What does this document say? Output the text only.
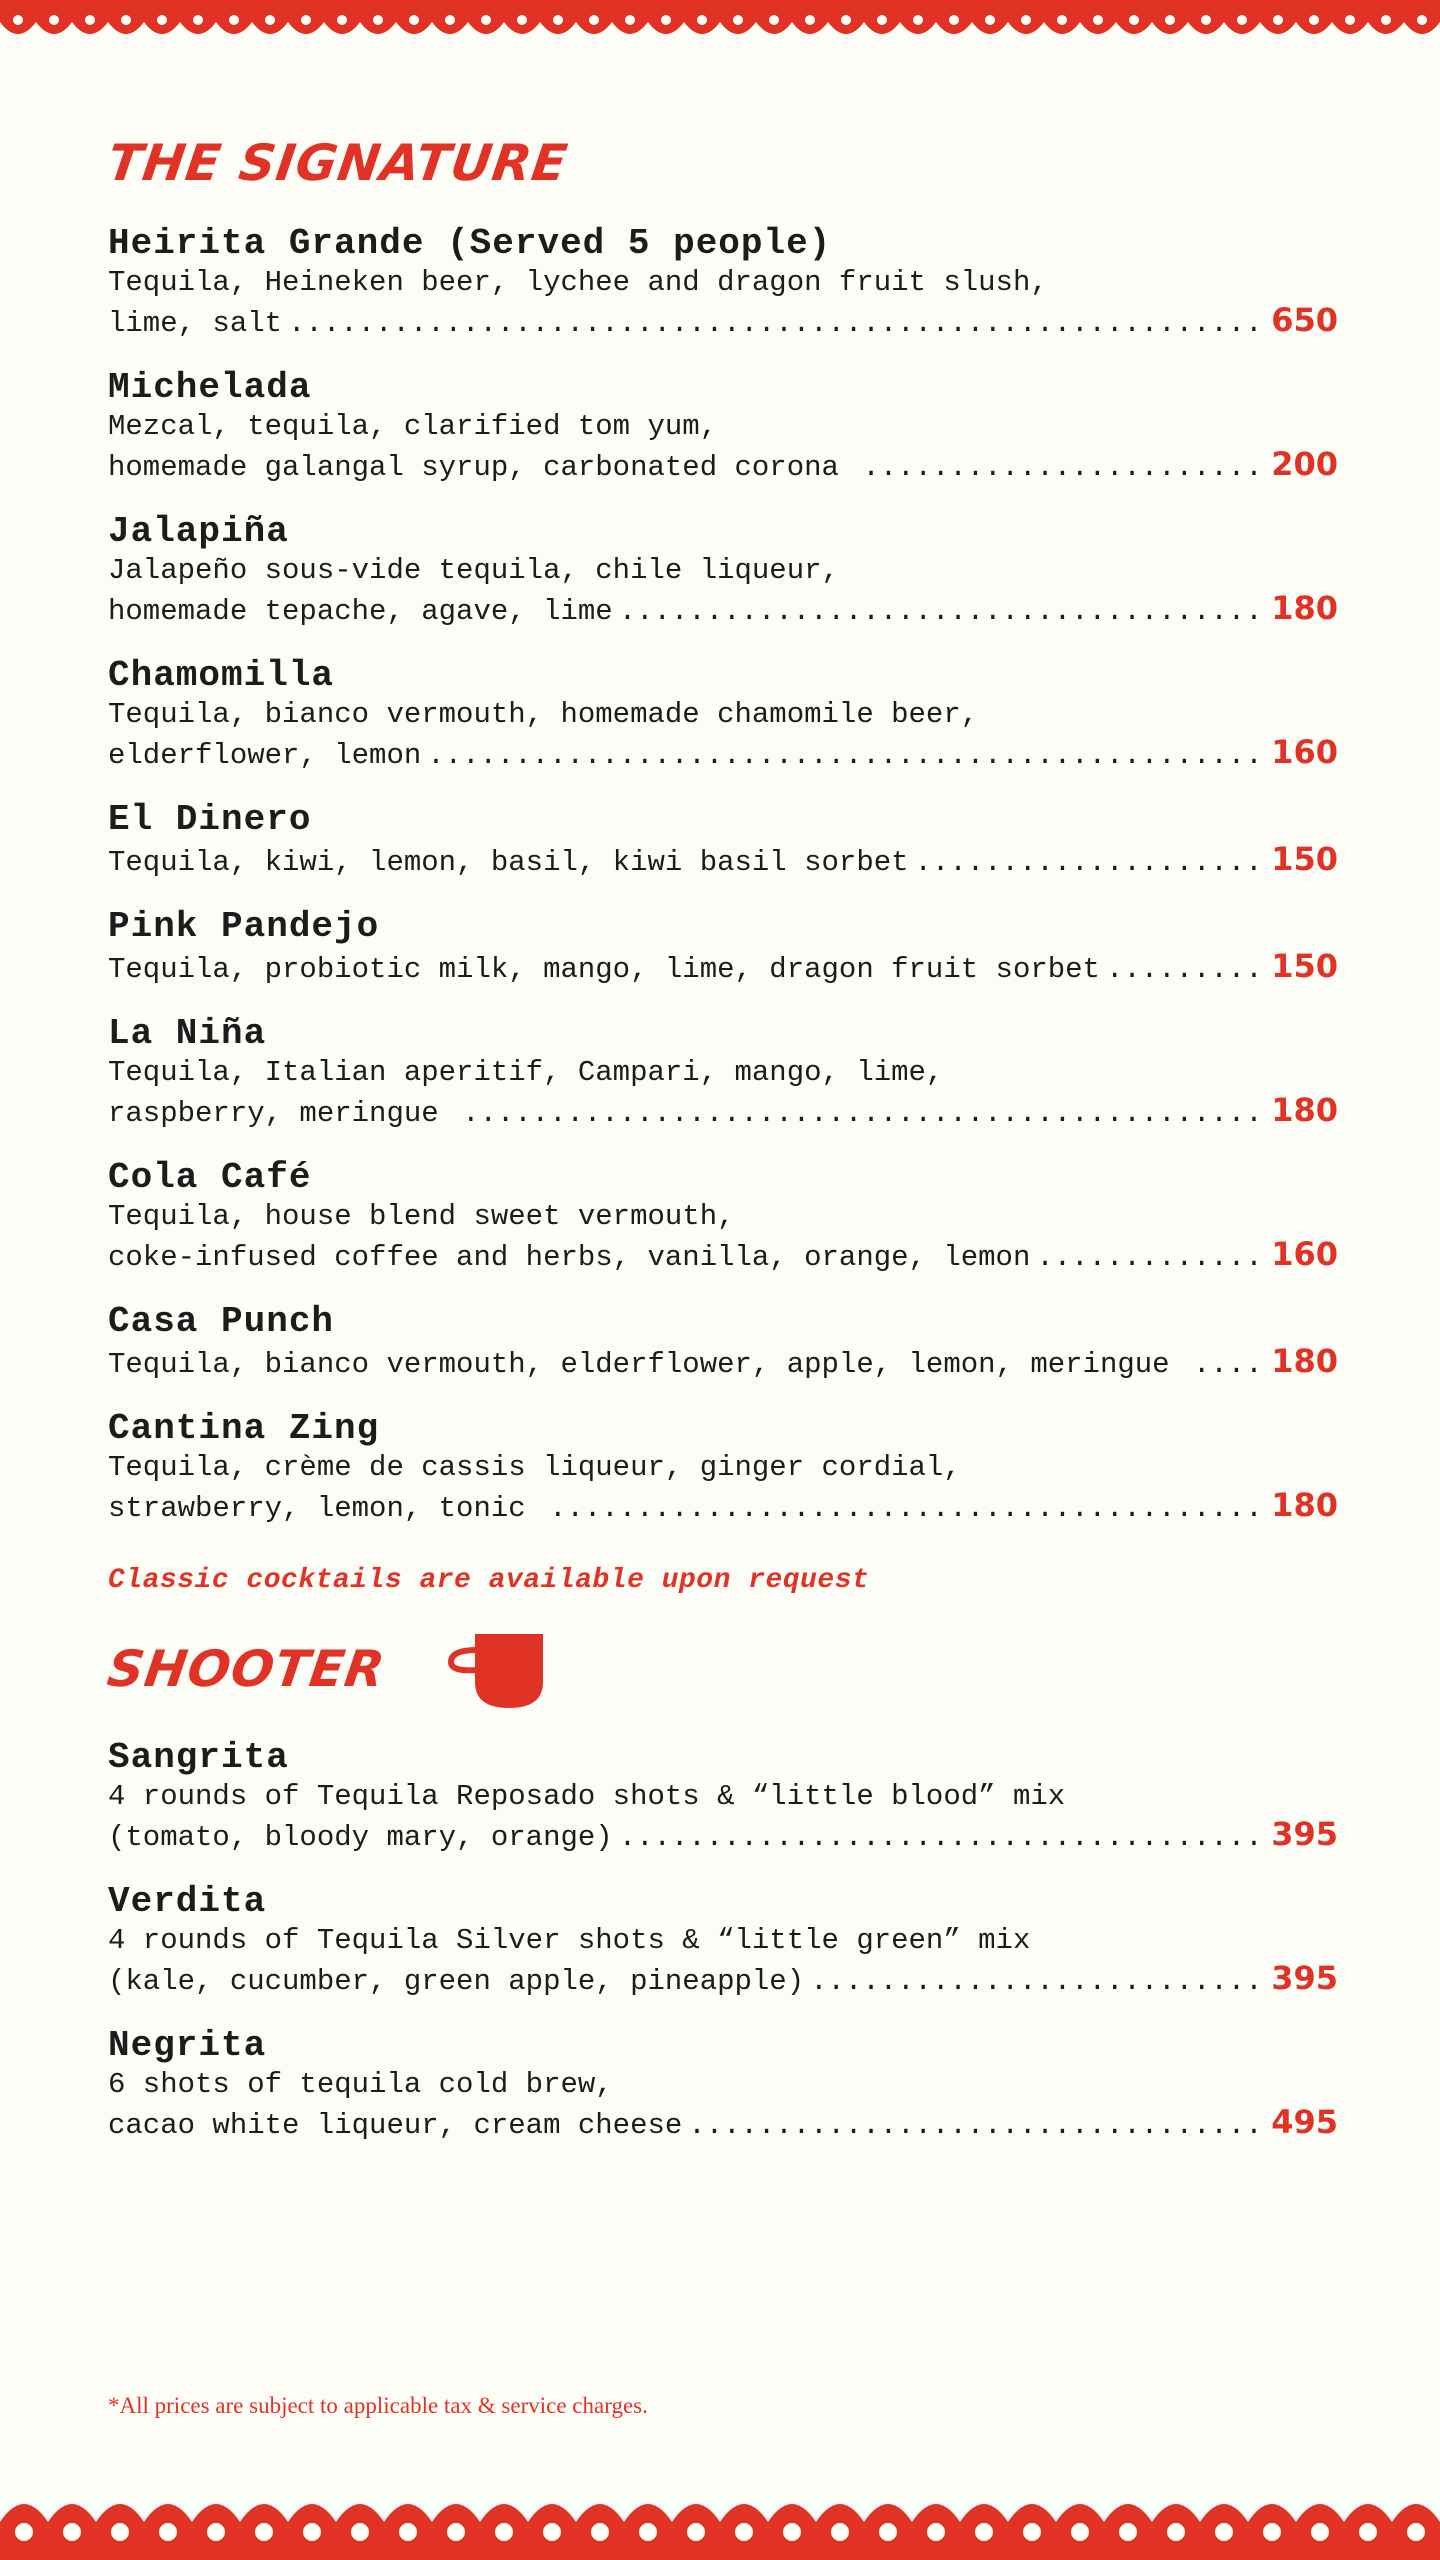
THE SIGNATURE
Heirita Grande (Served 5 people)
Tequila, Heineken beer, lychee and dragon fruit slush,
lime, salt .....	650
Michelada
Mezcal, tequila, clarified tom yum,
homemade galangal syrup, carbonated corona .....	200
Jalapiña
Jalapeño sous-vide tequila, chile liqueur,
homemade tepache, agave, lime .....	180
Chamomilla
Tequila, bianco vermouth, homemade chamomile beer,
elderflower, lemon .....	160
El Dinero
Tequila, kiwi, lemon, basil, kiwi basil sorbet .....	150
Pink Pandejo
Tequila, probiotic milk, mango, lime, dragon fruit sorbet .....	150
La Niña
Tequila, Italian aperitif, Campari, mango, lime,
raspberry, meringue .....	180
Cola Café
Tequila, house blend sweet vermouth,
coke-infused coffee and herbs, vanilla, orange, lemon .....	160
Casa Punch
Tequila, bianco vermouth, elderflower, apple, lemon, meringue .....	180
Cantina Zing
Tequila, crème de cassis liqueur, ginger cordial,
strawberry, lemon, tonic .....	180
Classic cocktails are available upon request
SHOOTER
Sangrita
4 rounds of Tequila Reposado shots & “little blood” mix
(tomato, bloody mary, orange) .....	395
Verdita
4 rounds of Tequila Silver shots & “little green” mix
(kale, cucumber, green apple, pineapple) .....	395
Negrita
6 shots of tequila cold brew,
cacao white liqueur, cream cheese .....	495
*All prices are subject to applicable tax & service charges.
